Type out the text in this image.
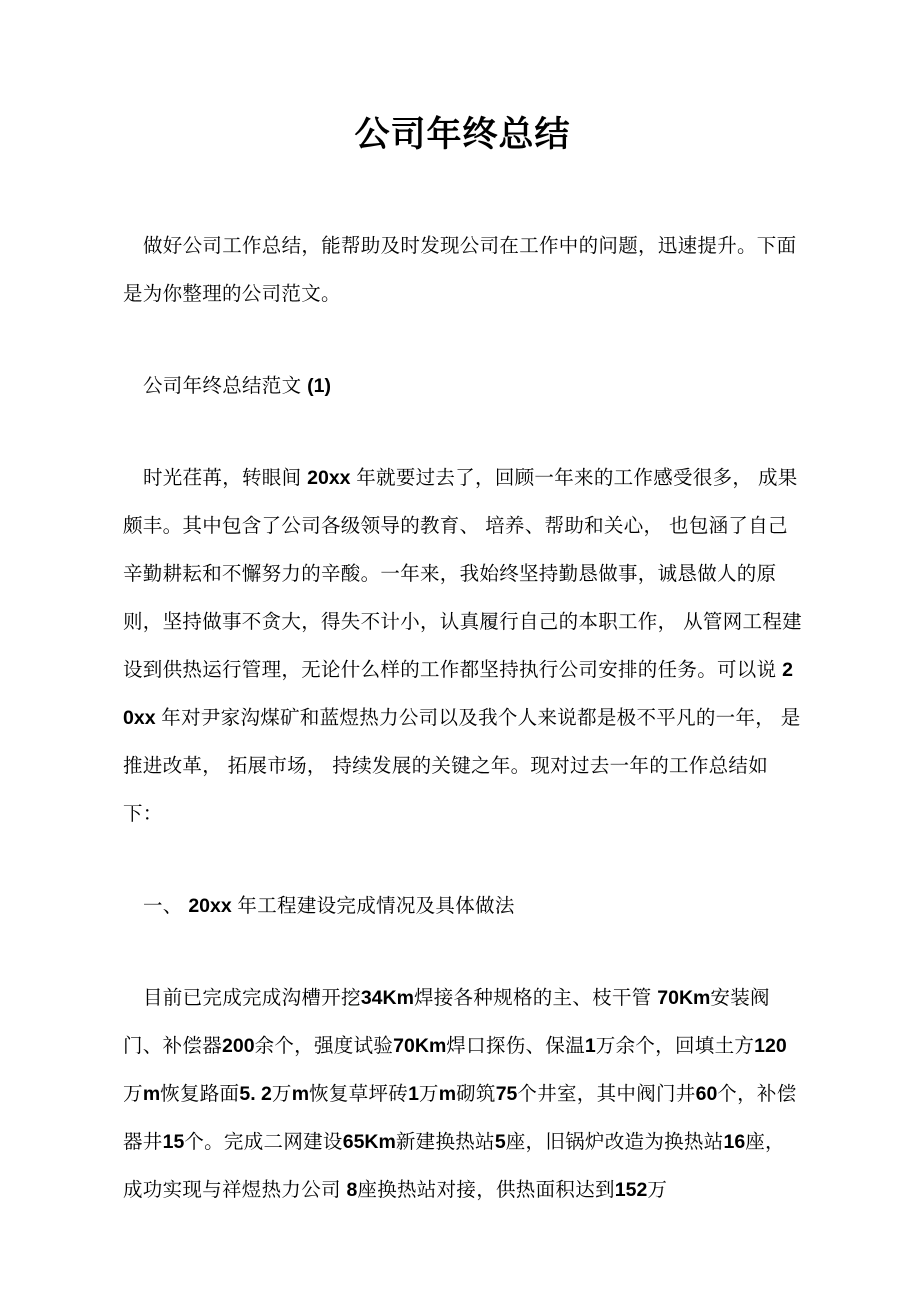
公司年终总结

做好公司工作总结，能帮助及时发现公司在工作中的问题，迅速提升。下面是为你整理的公司范文。

公司年终总结范文 (1)

时光荏苒，转眼间 20xx 年就要过去了，回顾一年来的工作感受很多， 成果颇丰。其中包含了公司各级领导的教育、 培养、帮助和关心， 也包涵了自己辛勤耕耘和不懈努力的辛酸。一年来，我始终坚持勤恳做事，诚恳做人的原则，坚持做事不贪大，得失不计小，认真履行自己的本职工作， 从管网工程建设到供热运行管理，无论什么样的工作都坚持执行公司安排的任务。可以说 20xx 年对尹家沟煤矿和蓝煜热力公司以及我个人来说都是极不平凡的一年， 是推进改革， 拓展市场， 持续发展的关键之年。现对过去一年的工作总结如下：

一、 20xx 年工程建设完成情况及具体做法

目前已完成完成沟槽开挖34Km焊接各种规格的主、枝干管 70Km安装阀门、补偿器200余个，强度试验70Km焊口探伤、保温1万余个，回填土方120万m恢复路面5. 2万m恢复草坪砖1万m砌筑75个井室，其中阀门井60个，补偿器井15个。完成二网建设65Km新建换热站5座，旧锅炉改造为换热站16座，成功实现与祥煜热力公司 8座换热站对接，供热面积达到152万
